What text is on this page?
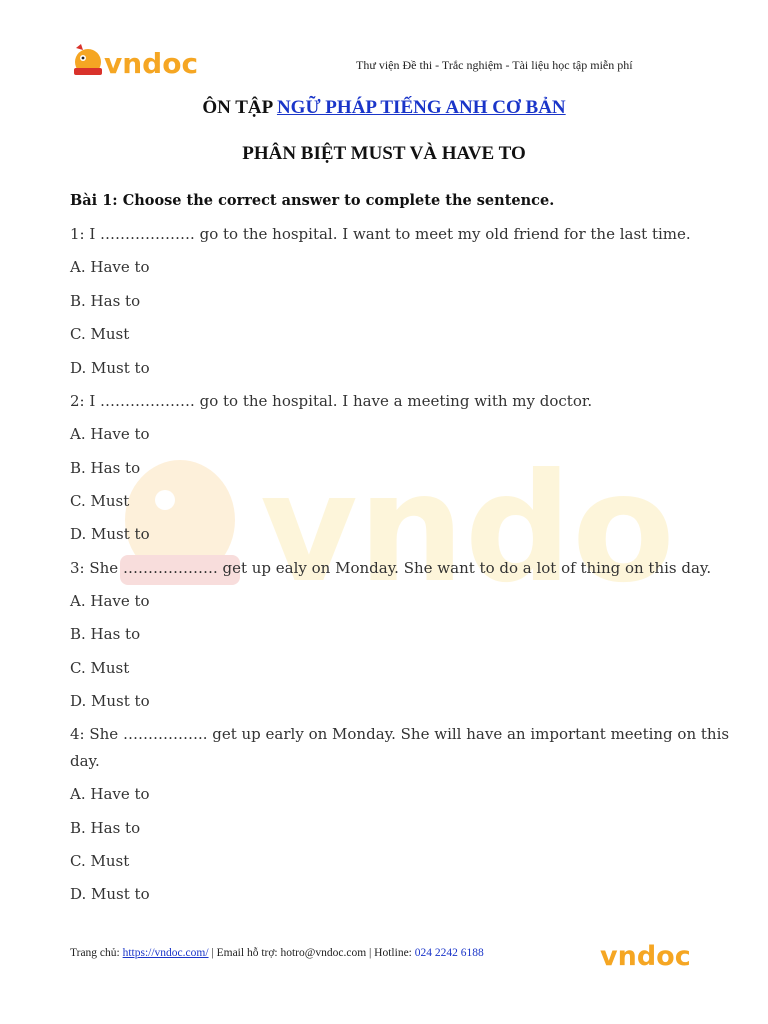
vndoc	Thư viện Đề thi - Trắc nghiệm - Tài liệu học tập miễn phí
ÔN TẬP NGỮ PHÁP TIẾNG ANH CƠ BẢN
PHÂN BIỆT MUST VÀ HAVE TO
vndo
Bài 1: Choose the correct answer to complete the sentence.
1: I ………………. go to the hospital. I want to meet my old friend for the last time.
A. Have to
B. Has to
C. Must
D. Must to
2: I ………………. go to the hospital. I have a meeting with my doctor.
A. Have to
B. Has to
C. Must
D. Must to
3: She ………………. get up ealy on Monday. She want to do a lot of thing on this day.
A. Have to
B. Has to
C. Must
D. Must to
4: She …………….. get up early on Monday. She will have an important meeting on this
day.
A. Have to
B. Has to
C. Must
D. Must to
Trang chủ: https://vndoc.com/ | Email hỗ trợ: hotro@vndoc.com | Hotline: 024 2242 6188	vndoc
